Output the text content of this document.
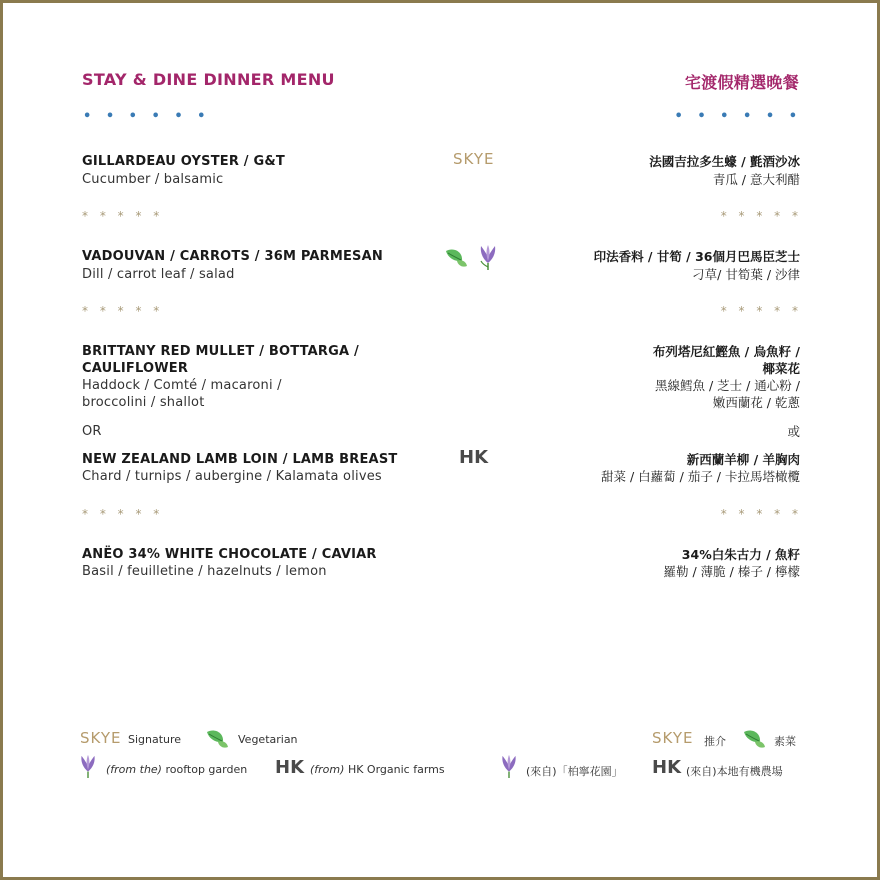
STAY & DINE DINNER MENU	宅渡假精選晚餐
• • • • • •	• • • • • •
GILLARDEAU OYSTER / G&T
Cucumber / balsamic
SKYE	法國吉拉多生蠔 / 氈酒沙冰
青瓜 / 意大利醋
* * * * *	* * * * *
VADOUVAN / CARROTS / 36M PARMESAN
Dill / carrot leaf / salad
印法香料 / 甘筍 / 36個月巴馬臣芝士
刁草/ 甘筍葉 / 沙律
* * * * *	* * * * *
BRITTANY RED MULLET / BOTTARGA /
CAULIFLOWER
Haddock / Comté / macaroni /
broccolini / shallot
布列塔尼紅鰹魚 / 烏魚籽 /
椰菜花
黑線鱈魚 / 芝士 / 通心粉 /
嫩西蘭花 / 乾蔥
OR	或
NEW ZEALAND LAMB LOIN / LAMB BREAST
Chard / turnips / aubergine / Kalamata olives
HK	新西蘭羊柳 / 羊胸肉
甜菜 / 白蘿蔔 / 茄子 / 卡拉馬塔橄欖
* * * * *	* * * * *
ANËO 34% WHITE CHOCOLATE / CAVIAR
Basil / feuilletine / hazelnuts / lemon
34%白朱古力 / 魚籽
羅勒 / 薄脆 / 榛子 / 檸檬
SKYE Signature	Vegetarian
(from the) rooftop garden HK (from) HK Organic farms
SKYE 推介	素菜
(來自)「柏寧花園」 HK (來自)本地有機農場
